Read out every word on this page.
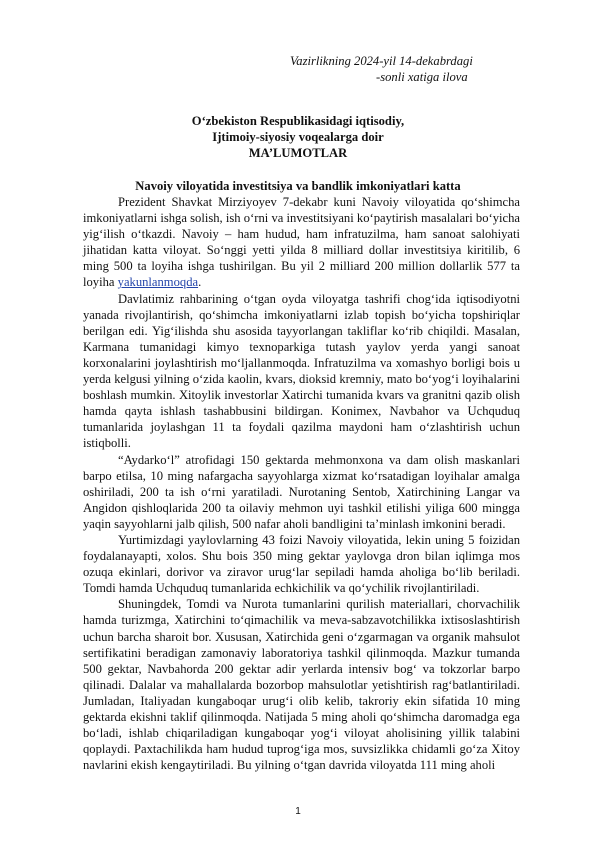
Vazirlikning 2024-yil 14-dekabrdagi
-sonli xatiga ilova
O‘zbekiston Respublikasidagi iqtisodiy,
Ijtimoiy-siyosiy voqealarga doir
MA’LUMOTLAR
Navoiy viloyatida investitsiya va bandlik imkoniyatlari katta

Prezident Shavkat Mirziyoyev 7-dekabr kuni Navoiy viloyatida qo‘shimcha imkoniyatlarni ishga solish, ish o‘rni va investitsiyani ko‘paytirish masalalari bo‘yicha yig‘ilish o‘tkazdi. Navoiy – ham hudud, ham infratuzilma, ham sanoat salohiyati jihatidan katta viloyat. So‘nggi yetti yilda 8 milliard dollar investitsiya kiritilib, 6 ming 500 ta loyiha ishga tushirilgan. Bu yil 2 milliard 200 million dollarlik 577 ta loyiha yakunlanmoqda.

Davlatimiz rahbarining o‘tgan oyda viloyatga tashrifi chog‘ida iqtisodiyotni yanada rivojlantirish, qo‘shimcha imkoniyatlarni izlab topish bo‘yicha topshiriqlar berilgan edi. Yig‘ilishda shu asosida tayyorlangan takliflar ko‘rib chiqildi. Masalan, Karmana tumanidagi kimyo texnoparkiga tutash yaylov yerda yangi sanoat korxonalarini joylashtirish mo‘ljallanmoqda. Infratuzilma va xomashyo borligi bois u yerda kelgusi yilning o‘zida kaolin, kvars, dioksid kremniy, mato bo‘yog‘i loyihalarini boshlash mumkin. Xitoylik investorlar Xatirchi tumanida kvars va granitni qazib olish hamda qayta ishlash tashabbusini bildirgan. Konimex, Navbahor va Uchquduq tumanlarida joylashgan 11 ta foydali qazilma maydoni ham o‘zlashtirish uchun istiqbolli.

“Aydarko‘l” atrofidagi 150 gektarda mehmonxona va dam olish maskanlari barpo etilsa, 10 ming nafargacha sayyohlarga xizmat ko‘rsatadigan loyihalar amalga oshiriladi, 200 ta ish o‘rni yaratiladi. Nurotaning Sentob, Xatirchining Langar va Angidon qishloqlarida 200 ta oilaviy mehmon uyi tashkil etilishi yiliga 600 mingga yaqin sayyohlarni jalb qilish, 500 nafar aholi bandligini ta’minlash imkonini beradi.

Yurtimizdagi yaylovlarning 43 foizi Navoiy viloyatida, lekin uning 5 foizidan foydalanayapti, xolos. Shu bois 350 ming gektar yaylovga dron bilan iqlimga mos ozuqa ekinlari, dorivor va ziravor urug‘lar sepiladi hamda aholiga bo‘lib beriladi. Tomdi hamda Uchquduq tumanlarida echkichilik va qo‘ychilik rivojlantiriladi.

Shuningdek, Tomdi va Nurota tumanlarini qurilish materiallari, chorvachilik hamda turizmga, Xatirchini to‘qimachilik va meva-sabzavotchilikka ixtisoslashtirish uchun barcha sharoit bor. Xususan, Xatirchida geni o‘zgarmagan va organik mahsulot sertifikatini beradigan zamonaviy laboratoriya tashkil qilinmoqda. Mazkur tumanda 500 gektar, Navbahorda 200 gektar adir yerlarda intensiv bog‘ va tokzorlar barpo qilinadi. Dalalar va mahallalarda bozorbop mahsulotlar yetishtirish rag‘batlantiriladi. Jumladan, Italiyadan kungaboqar urug‘i olib kelib, takroriy ekin sifatida 10 ming gektarda ekishni taklif qilinmoqda. Natijada 5 ming aholi qo‘shimcha daromadga ega bo‘ladi, ishlab chiqariladigan kungaboqar yog‘i viloyat aholisining yillik talabini qoplaydi. Paxtachilikda ham hudud tuprog‘iga mos, suvsizlikka chidamli go‘za Xitoy navlarini ekish kengaytiriladi. Bu yilning o‘tgan davrida viloyatda 111 ming aholi

1
